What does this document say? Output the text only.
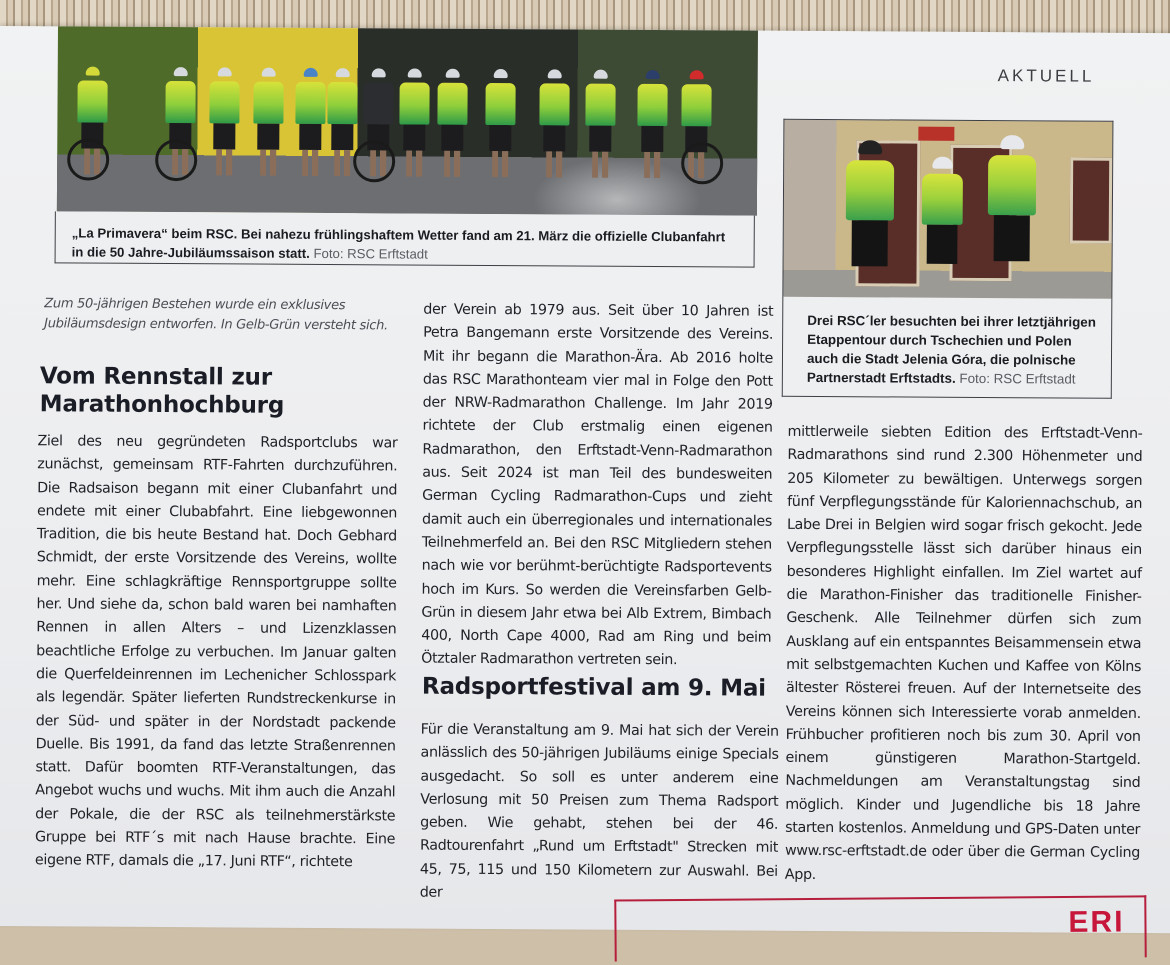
AKTUELL
„La Primavera“ beim RSC. Bei nahezu frühlingshaftem Wetter fand am 21. März die offizielle Clubanfahrt in die 50 Jahre-Jubiläumssaison statt. Foto: RSC Erftstadt
Drei RSC´ler besuchten bei ihrer letztjährigen Etappentour durch Tschechien und Polen auch die Stadt Jelenia Góra, die polnische Partnerstadt Erftstadts. Foto: RSC Erftstadt
Zum 50-jährigen Bestehen wurde ein exklusives Jubiläumsdesign entworfen. In Gelb-Grün versteht sich.
Vom Rennstall zur Marathonhochburg

Ziel des neu gegründeten Radsportclubs war zunächst, gemeinsam RTF-Fahrten durchzuführen. Die Radsaison begann mit einer Clubanfahrt und endete mit einer Clubabfahrt. Eine liebgewonnen Tradition, die bis heute Bestand hat. Doch Gebhard Schmidt, der erste Vorsitzende des Vereins, wollte mehr. Eine schlagkräftige Rennsportgruppe sollte her. Und siehe da, schon bald waren bei namhaften Rennen in allen Alters – und Lizenzklassen beachtliche Erfolge zu verbuchen. Im Januar galten die Querfeldeinrennen im Lechenicher Schlosspark als legendär. Später lieferten Rundstreckenkurse in der Süd- und später in der Nordstadt packende Duelle. Bis 1991, da fand das letzte Straßenrennen statt. Dafür boomten RTF-Veranstaltungen, das Angebot wuchs und wuchs. Mit ihm auch die Anzahl der Pokale, die der RSC als teilnehmerstärkste Gruppe bei RTF´s mit nach Hause brachte. Eine eigene RTF, damals die „17. Juni RTF“, richtete

der Verein ab 1979 aus. Seit über 10 Jahren ist Petra Bangemann erste Vorsitzende des Vereins. Mit ihr begann die Marathon-Ära. Ab 2016 holte das RSC Marathonteam vier mal in Folge den Pott der NRW-Radmarathon Challenge. Im Jahr 2019 richtete der Club erstmalig einen eigenen Radmarathon, den Erftstadt-Venn-Radmarathon aus. Seit 2024 ist man Teil des bundesweiten German Cycling Radmarathon-Cups und zieht damit auch ein überregionales und internationales Teilnehmerfeld an. Bei den RSC Mitgliedern stehen nach wie vor berühmt-berüchtigte Radsportevents hoch im Kurs. So werden die Vereinsfarben Gelb-Grün in diesem Jahr etwa bei Alb Extrem, Bimbach 400, North Cape 4000, Rad am Ring und beim Ötztaler Radmarathon vertreten sein.

Radsportfestival am 9. Mai

Für die Veranstaltung am 9. Mai hat sich der Verein anlässlich des 50-jährigen Jubiläums einige Specials ausgedacht. So soll es unter anderem eine Verlosung mit 50 Preisen zum Thema Radsport geben. Wie gehabt, stehen bei der 46. Radtourenfahrt „Rund um Erftstadt" Strecken mit 45, 75, 115 und 150 Kilometern zur Auswahl. Bei der

mittlerweile siebten Edition des Erftstadt-Venn-Radmarathons sind rund 2.300 Höhenmeter und 205 Kilometer zu bewältigen. Unterwegs sorgen fünf Verpflegungsstände für Kaloriennachschub, an Labe Drei in Belgien wird sogar frisch gekocht. Jede Verpflegungsstelle lässt sich darüber hinaus ein besonderes Highlight einfallen. Im Ziel wartet auf die Marathon-Finisher das traditionelle Finisher-Geschenk. Alle Teilnehmer dürfen sich zum Ausklang auf ein entspanntes Beisammensein etwa mit selbstgemachten Kuchen und Kaffee von Kölns ältester Rösterei freuen. Auf der Internetseite des Vereins können sich Interessierte vorab anmelden. Frühbucher profitieren noch bis zum 30. April von einem günstigeren Marathon-Startgeld. Nachmeldungen am Veranstaltungstag sind möglich. Kinder und Jugendliche bis 18 Jahre starten kostenlos. Anmeldung und GPS-Daten unter www.rsc-erftstadt.de oder über die German Cycling App.

ERI
